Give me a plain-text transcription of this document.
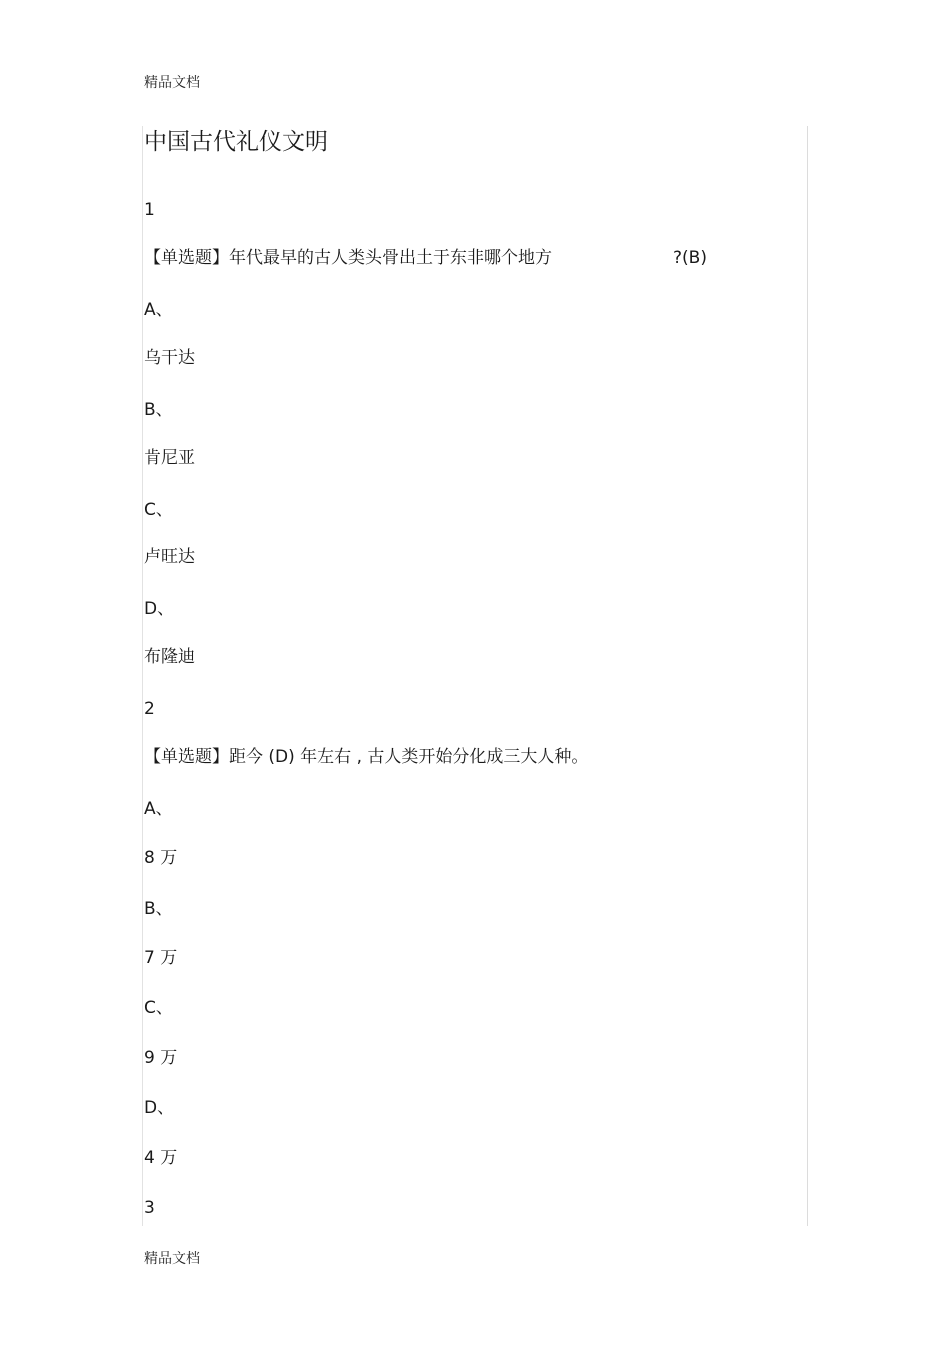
精品文档

中国古代礼仪文明

1

【单选题】年代最早的古人类头骨出土于东非哪个地方	?(B)

A、

乌干达

B、

肯尼亚

C、

卢旺达

D、

布隆迪

2

【单选题】距今 (D) 年左右 , 古人类开始分化成三大人种。

A、

8 万

B、

7 万

C、

9 万

D、

4 万

3

精品文档
